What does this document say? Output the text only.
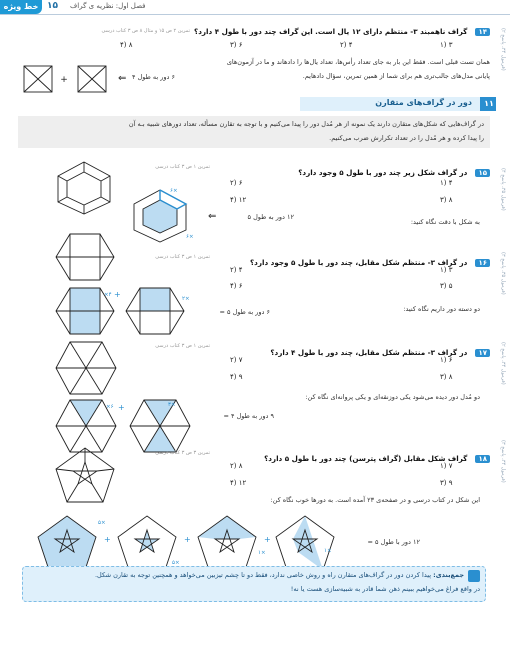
خط ویژه ۱۵ فصل اول: نظریه ی گراف
(فرمول ۳۴، پاسخ ۲)
(فرمول ۳۵، پاسخ ۴)
(فرمول ۳۵، پاسخ ۳)
(فرمول ۳۴، پاسخ ۲)
(فرمول ۳۴، پاسخ ۳)
۱۴ گراف ناهمبند ۳- منتظم دارای ۱۲ یال است. این گراف چند دور با طول ۴ دارد؟
تمرین ۲ ص ۱۵ و مثال ۸ ص ۳ کتاب درسی
۳ (۱
۴ (۲
۶ (۳
۸ (۴
همان تست قبلی است. فقط این بار به جای تعداد رأس‌ها، تعداد یال‌ها را دادهاند و ما در آزمون‌های
پایانی مدل‌های جالب‌تری هم برای شما از همین تمرین، سؤال دادهایم.
+	⇐ ۶ دور به طول ۴
۱۱
دور در گراف‌های متقارن
در گراف‌هایی که شکل‌های متقارن دارند یک نمونه از هر مُدل دور را پیدا می‌کنیم و با توجه به تقارن مسأله، تعداد دورهای شبیه بـه آن
را پیدا کرده و هر مُدل را در تعداد تکرارش ضرب می‌کنیم.
۱۵ در گراف شکل زیر چند دور با طول ۵ وجود دارد؟
تمرین ۱ ص ۳ کتاب درسی
۴ (۱
۶ (۲
۸ (۳
۱۲ (۴
به شکل با دقت نگاه کنید:
۶×
۶×
⇐	۱۲ دور به طول ۵
۱۶ در گراف ۳- منتظم شکل مقابل، چند دور با طول ۵ وجود دارد؟
تمرین ۱ ص ۳ کتاب درسی
۳ (۱
۴ (۲
۵ (۳
۶ (۴
دو دسته دور داریم نگاه کنید:
۲×
+
۴×
۶ دور به طول ۵ =
۱۷ در گراف ۳- منتظم شکل مقابل، چند دور با طول ۴ دارد؟
تمرین ۱ ص ۳ کتاب درسی
۶ (۱
۷ (۲
۸ (۳
۹ (۴
دو مُدل دور دیده می‌شود یکی دوزنقه‌ای و یکی پروانه‌ای نگاه کن:
۳×
+
۶×
۹ دور به طول ۴ =
۱۸ گراف شکل مقابل (گراف پترسن) چند دور با طول ۵ دارد؟
تمرین ۳ ص ۳ کتاب درسی
۷ (۱
۸ (۲
۹ (۳
۱۲ (۴
این شکل در کتاب درسی و در صفحه‌ی ۲۳ آمده است. به دورها خوب نگاه کن:
+	+	+
۵×
۵×
۱×	۱×
۱۲ دور با طول ۵ =
جمع‌بندی: پیدا کردن دور در گراف‌های متقارن راه و روش خاصی ندارد، فقط دو تا چشم تیزبین می‌خواهد و همچنین توجه به تقارن شکل.
در واقع فراغ می‌خواهیم ببینم ذهن شما قادر به شبیه‌سازی هست یا نه!
